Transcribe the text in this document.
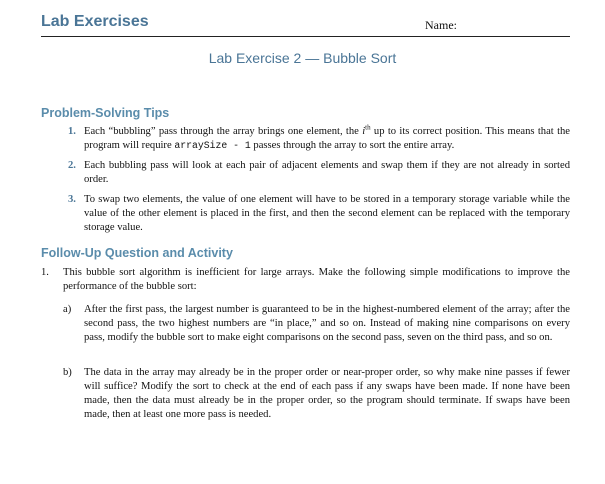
Lab Exercises	Name:
Lab Exercise 2 — Bubble Sort
Problem-Solving Tips
1. Each “bubbling” pass through the array brings one element, the $i^{th}$ up to its correct position. This means that the program will require arraySize - 1 passes through the array to sort the entire array.
2. Each bubbling pass will look at each pair of adjacent elements and swap them if they are not already in sorted order.
3. To swap two elements, the value of one element will have to be stored in a temporary storage variable while the value of the other element is placed in the first, and then the second element can be replaced with the temporary storage value.
Follow-Up Question and Activity
1. This bubble sort algorithm is inefficient for large arrays. Make the following simple modifications to improve the performance of the bubble sort:
a) After the first pass, the largest number is guaranteed to be in the highest-numbered element of the array; after the second pass, the two highest numbers are “in place,” and so on. Instead of making nine comparisons on every pass, modify the bubble sort to make eight comparisons on the second pass, seven on the third pass, and so on.
b) The data in the array may already be in the proper order or near-proper order, so why make nine passes if fewer will suffice? Modify the sort to check at the end of each pass if any swaps have been made. If none have been made, then the data must already be in the proper order, so the program should terminate. If swaps have been made, then at least one more pass is needed.
